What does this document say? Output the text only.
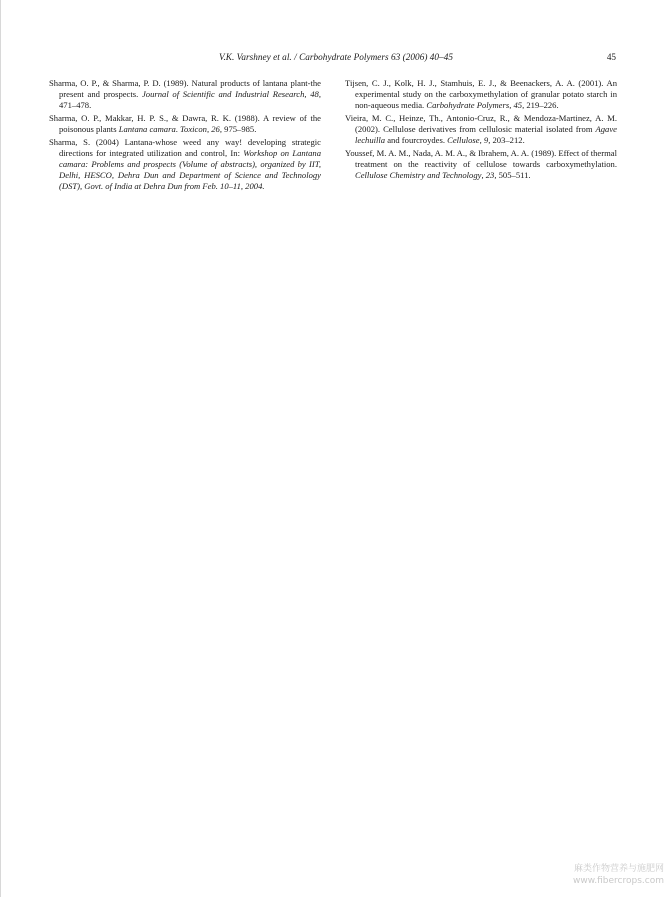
V.K. Varshney et al. / Carbohydrate Polymers 63 (2006) 40–45	45

Sharma, O. P., & Sharma, P. D. (1989). Natural products of lantana plant-the present and prospects. Journal of Scientific and Industrial Research, 48, 471–478.

Sharma, O. P., Makkar, H. P. S., & Dawra, R. K. (1988). A review of the poisonous plants Lantana camara. Toxicon, 26, 975–985.

Sharma, S. (2004) Lantana-whose weed any way! developing strategic directions for integrated utilization and control, In: Workshop on Lantana camara: Problems and prospects (Volume of abstracts), organized by IIT, Delhi, HESCO, Dehra Dun and Department of Science and Technology (DST), Govt. of India at Dehra Dun from Feb. 10–11, 2004.

Tijsen, C. J., Kolk, H. J., Stamhuis, E. J., & Beenackers, A. A. (2001). An experimental study on the carboxymethylation of granular potato starch in non-aqueous media. Carbohydrate Polymers, 45, 219–226.

Vieira, M. C., Heinze, Th., Antonio-Cruz, R., & Mendoza-Martinez, A. M. (2002). Cellulose derivatives from cellulosic material isolated from Agave lechuilla and fourcroydes. Cellulose, 9, 203–212.

Youssef, M. A. M., Nada, A. M. A., & Ibrahem, A. A. (1989). Effect of thermal treatment on the reactivity of cellulose towards carboxymethylation. Cellulose Chemistry and Technology, 23, 505–511.

麻类作物营养与施肥网
www.fibercrops.com
